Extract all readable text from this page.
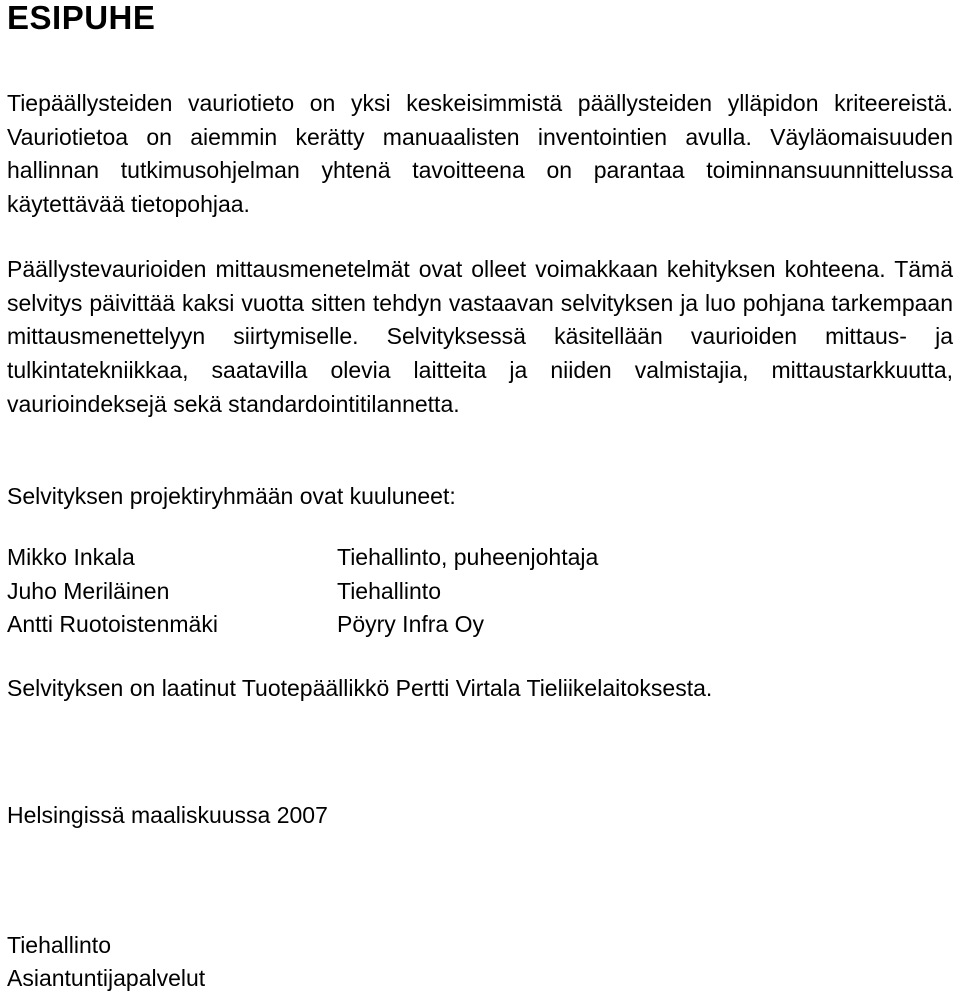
ESIPUHE

Tiepäällysteiden vauriotieto on yksi keskeisimmistä päällysteiden ylläpidon kriteereistä. Vauriotietoa on aiemmin kerätty manuaalisten inventointien avulla. Väyläomaisuuden hallinnan tutkimusohjelman yhtenä tavoitteena on parantaa toiminnansuunnittelussa käytettävää tietopohjaa.

Päällystevaurioiden mittausmenetelmät ovat olleet voimakkaan kehityksen kohteena. Tämä selvitys päivittää kaksi vuotta sitten tehdyn vastaavan selvityksen ja luo pohjana tarkempaan mittausmenettelyyn siirtymiselle. Selvityksessä käsitellään vaurioiden mittaus- ja tulkintatekniikkaa, saatavilla olevia laitteita ja niiden valmistajia, mittaustarkkuutta, vaurioindeksejä sekä standardointitilannetta.

Selvityksen projektiryhmään ovat kuuluneet:

Mikko Inkala	Tiehallinto, puheenjohtaja
Juho Meriläinen	Tiehallinto
Antti Ruotoistenmäki	Pöyry Infra Oy

Selvityksen on laatinut Tuotepäällikkö Pertti Virtala Tieliikelaitoksesta.

Helsingissä maaliskuussa 2007

Tiehallinto

Asiantuntijapalvelut
